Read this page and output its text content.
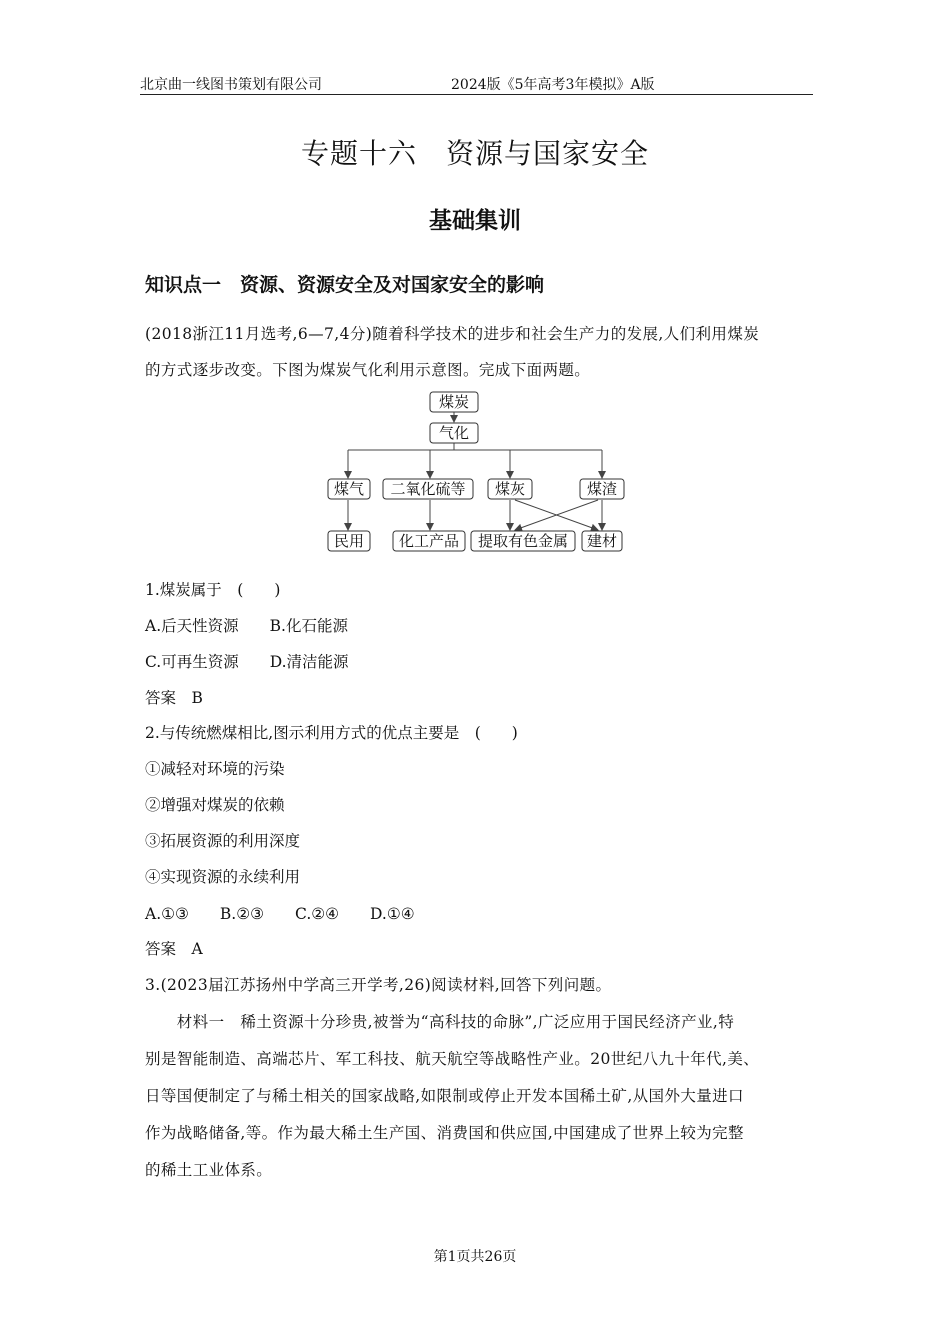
北京曲一线图书策划有限公司	2024版《5年高考3年模拟》A版
专题十六　资源与国家安全
基础集训
知识点一　资源、资源安全及对国家安全的影响
(2018浙江11月选考,6—7,4分)随着科学技术的进步和社会生产力的发展,人们利用煤炭
的方式逐步改变。下图为煤炭气化利用示意图。完成下面两题。
煤炭
气化
煤气 二氧化硫等 煤灰	煤渣
民用 化工产品 提取有色金属 建材
1.煤炭属于　(　　)
A.后天性资源　　B.化石能源
C.可再生资源　　D.清洁能源
答案　B
2.与传统燃煤相比,图示利用方式的优点主要是　(　　)
①减轻对环境的污染
②增强对煤炭的依赖
③拓展资源的利用深度
④实现资源的永续利用
A.①③　　B.②③　　C.②④　　D.①④
答案　A
3.(2023届江苏扬州中学高三开学考,26)阅读材料,回答下列问题。
　　材料一　稀土资源十分珍贵,被誉为“高科技的命脉”,广泛应用于国民经济产业,特
别是智能制造、高端芯片、军工科技、航天航空等战略性产业。20世纪八九十年代,美、
日等国便制定了与稀土相关的国家战略,如限制或停止开发本国稀土矿,从国外大量进口
作为战略储备,等。作为最大稀土生产国、消费国和供应国,中国建成了世界上较为完整
的稀土工业体系。
第1页共26页
